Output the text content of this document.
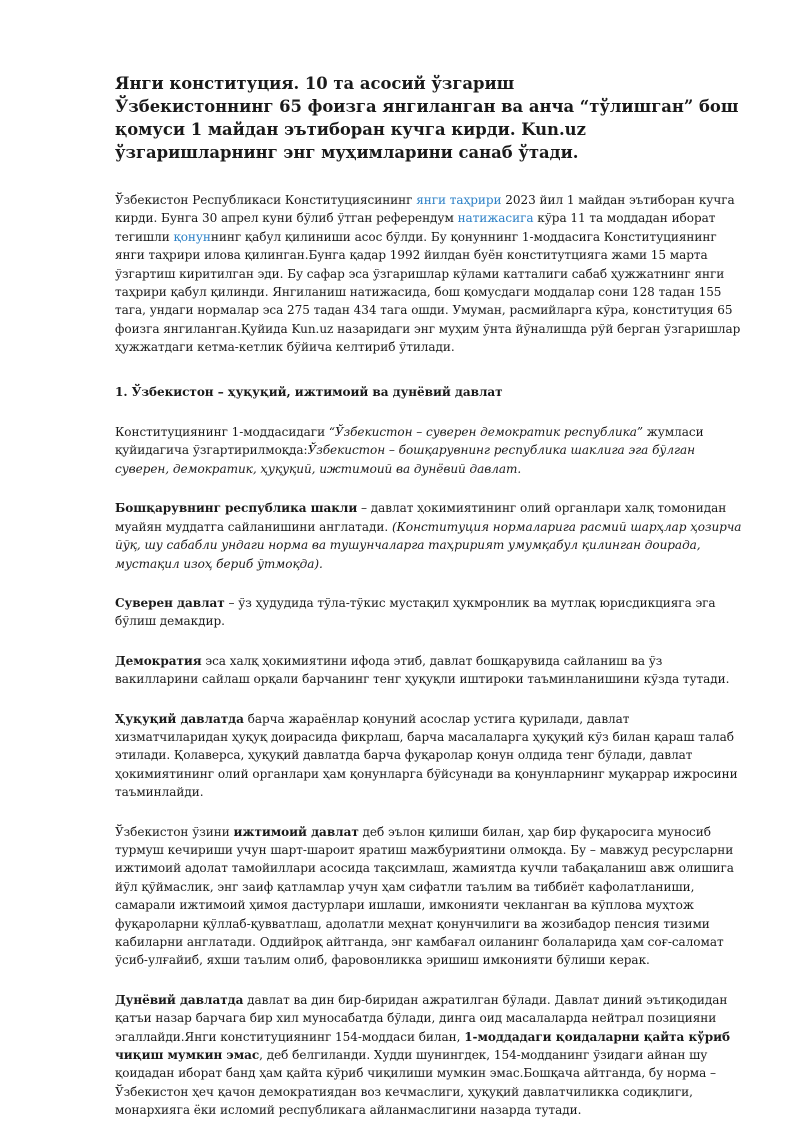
Янги конституция. 10 та асосий ўзгариш
Ўзбекистоннинг 65 фоизга янгиланган ва анча “тўлишган” бош қомуси 1 майдан эътиборан кучга кирди. Kun.uz ўзгаришларнинг энг муҳимларини санаб ўтади.

Ўзбекистон Республикаси Конституциясининг янги таҳрири 2023 йил 1 майдан эътиборан кучга кирди. Бунга 30 апрел куни бўлиб ўтган референдум натижасига кўра 11 та моддадан иборат тегишли қонуннинг қабул қилиниши асос бўлди. Бу қонуннинг 1-моддасига Конституциянинг янги таҳрири илова қилинган.Бунга қадар 1992 йилдан буён конститутцияга жами 15 марта ўзгартиш киритилган эди. Бу сафар эса ўзгаришлар кўлами катталиги сабаб ҳужжатнинг янги таҳрири қабул қилинди. Янгиланиш натижасида, бош қомусдаги моддалар сони 128 тадан 155 тага, ундаги нормалар эса 275 тадан 434 тага ошди. Умуман, расмийларга кўра, конституция 65 фоизга янгиланган.Қуйида Kun.uz назаридаги энг муҳим ўнта йўналишда рўй берган ўзгаришлар ҳужжатдаги кетма-кетлик бўйича келтириб ўтилади.

1. Ўзбекистон – ҳуқуқий, ижтимоий ва дунёвий давлат

Конституциянинг 1-моддасидаги “Ўзбекистон – суверен демократик республика” жумласи қуйидагича ўзгартирилмоқда:Ўзбекистон – бошқарувнинг республика шаклига эга бўлган суверен, демократик, ҳуқуқий, ижтимоий ва дунёвий давлат.

Бошқарувнинг республика шакли – давлат ҳокимиятининг олий органлари халқ томонидан муайян муддатга сайланишини англатади. (Конституция нормаларига расмий шарҳлар ҳозирча йўқ, шу сабабли ундаги норма ва тушунчаларга таҳририят умумқабул қилинган доирада, мустақил изоҳ бериб ўтмоқда).

Суверен давлат – ўз ҳудудида тўла-тўкис мустақил ҳукмронлик ва мутлақ юрисдикцияга эга бўлиш демакдир.

Демократия эса халқ ҳокимиятини ифода этиб, давлат бошқарувида сайланиш ва ўз вакилларини сайлаш орқали барчанинг тенг ҳуқуқли иштироки таъминланишини кўзда тутади.

Ҳуқуқий давлатда барча жараёнлар қонуний асослар устига қурилади, давлат хизматчиларидан ҳуқуқ доирасида фикрлаш, барча масалаларга ҳуқуқий кўз билан қараш талаб этилади. Қолаверса, ҳуқуқий давлатда барча фуқаролар қонун олдида тенг бўлади, давлат ҳокимиятининг олий органлари ҳам қонунларга бўйсунади ва қонунларнинг муқаррар ижросини таъминлайди.

Ўзбекистон ўзини ижтимоий давлат деб эълон қилиши билан, ҳар бир фуқаросига муносиб турмуш кечириши учун шарт-шароит яратиш мажбуриятини олмоқда. Бу – мавжуд ресурсларни ижтимоий адолат тамойиллари асосида тақсимлаш, жамиятда кучли табақаланиш авж олишига йўл қўймаслик, энг заиф қатламлар учун ҳам сифатли таълим ва тиббиёт кафолатланиши, самарали ижтимоий ҳимоя дастурлари ишлаши, имконияти чекланган ва кўплова муҳтож фуқароларни қўллаб-қувватлаш, адолатли меҳнат қонунчилиги ва жозибадор пенсия тизими кабиларни англатади. Оддийроқ айтганда, энг камбағал оиланинг болаларида ҳам соғ-саломат ўсиб-улғайиб, яхши таълим олиб, фаровонликка эришиш имконияти бўлиши керак.

Дунёвий давлатда давлат ва дин бир-биридан ажратилган бўлади. Давлат диний эътиқодидан қатъи назар барчага бир хил муносабатда бўлади, динга оид масалаларда нейтрал позицияни эгаллайди.Янги конституциянинг 154-моддаси билан, 1-моддадаги қоидаларни қайта кўриб чиқиш мумкин эмас, деб белгиланди. Худди шунингдек, 154-модданинг ўзидаги айнан шу қоидадан иборат банд ҳам қайта кўриб чиқилиши мумкин эмас.Бошқача айтганда, бу норма – Ўзбекистон ҳеч қачон демократиядан воз кечмаслиги, ҳуқуқий давлатчиликка содиқлиги, монархияга ёки исломий республикага айланмаслигини назарда тутади.
